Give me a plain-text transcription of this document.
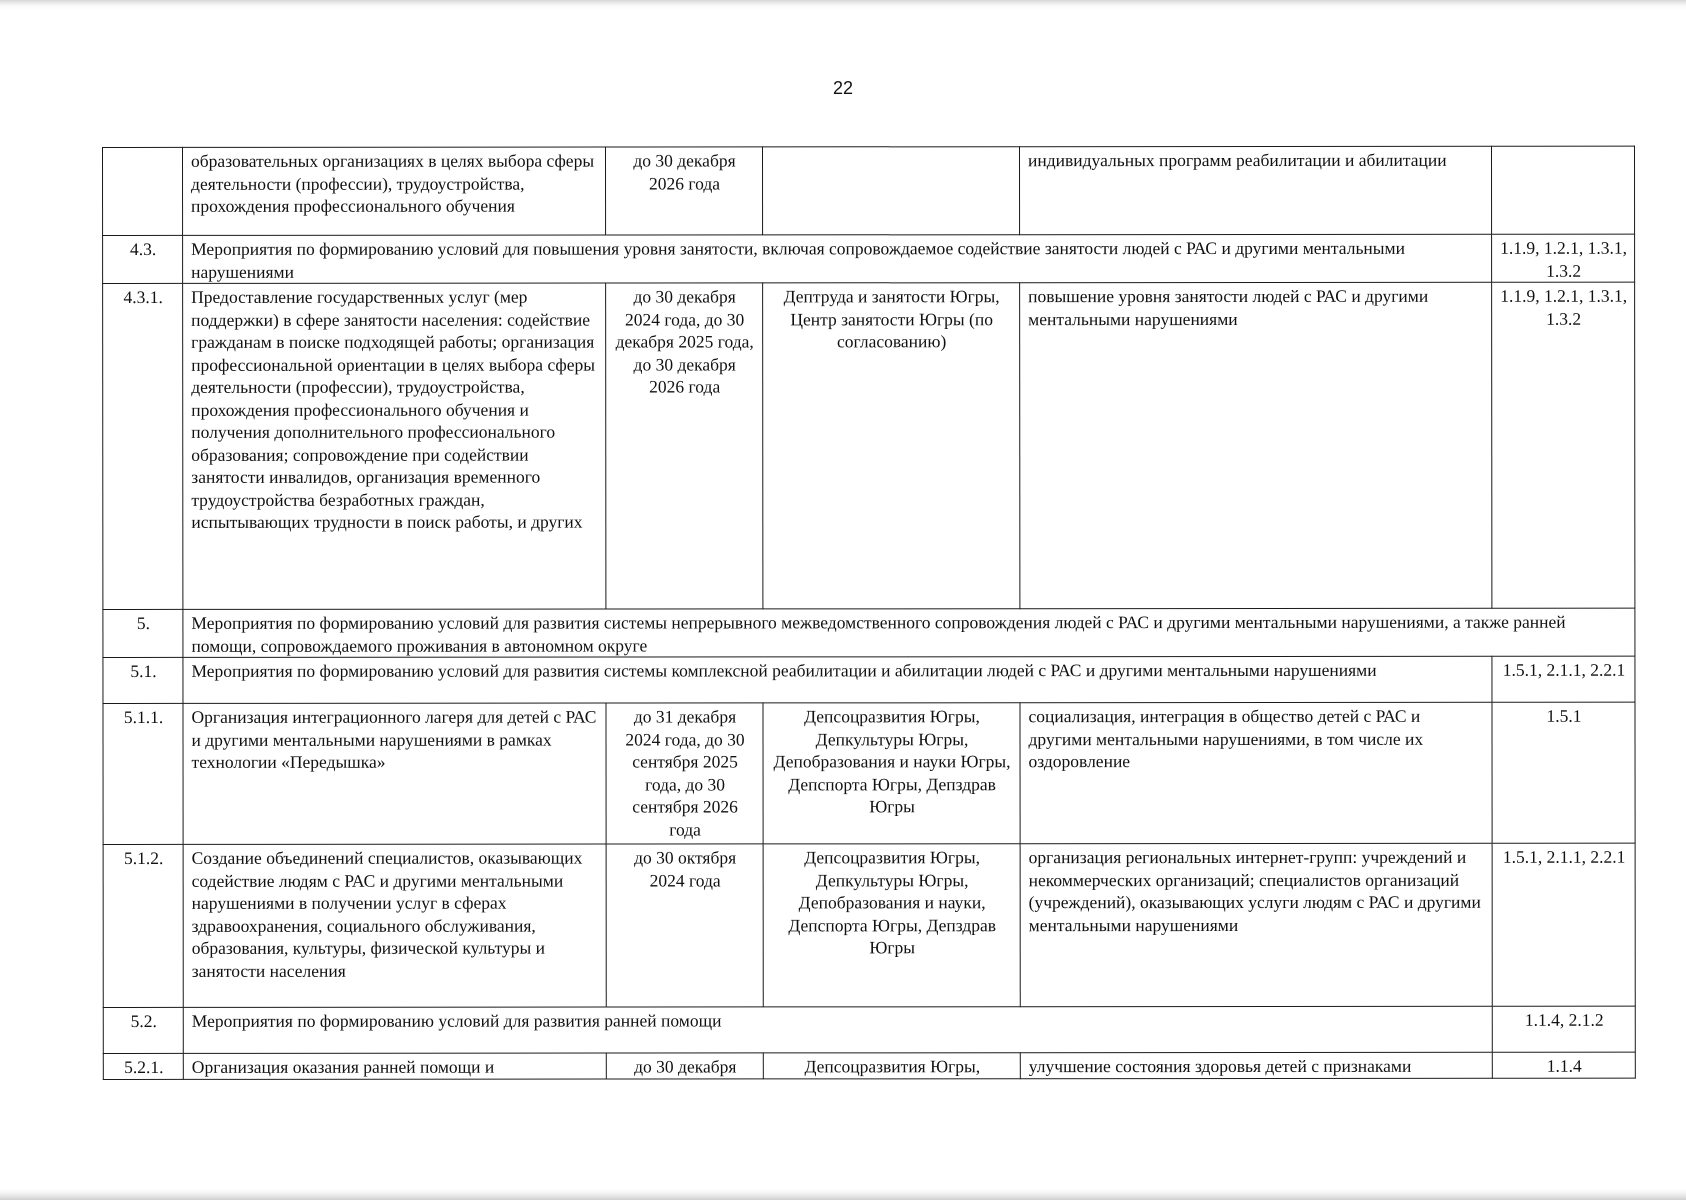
22
	образовательных организациях в целях выбора сферы деятельности (профессии), трудоустройства, прохождения профессионального обучения	до 30 декабря 2026 года		индивидуальных программ реабилитации и абилитации	
4.3.	Мероприятия по формированию условий для повышения уровня занятости, включая сопровождаемое содействие занятости людей с РАС и другими ментальными нарушениями				1.1.9, 1.2.1, 1.3.1, 1.3.2
4.3.1.	Предоставление государственных услуг (мер поддержки) в сфере занятости населения: содействие гражданам в поиске подходящей работы; организация профессиональной ориентации в целях выбора сферы деятельности (профессии), трудоустройства, прохождения профессионального обучения и получения дополнительного профессионального образования; сопровождение при содействии занятости инвалидов, организация временного трудоустройства безработных граждан, испытывающих трудности в поиск работы, и других	до 30 декабря 2024 года, до 30 декабря 2025 года, до 30 декабря 2026 года	Дептруда и занятости Югры, Центр занятости Югры (по согласованию)	повышение уровня занятости людей с РАС и другими ментальными нарушениями	1.1.9, 1.2.1, 1.3.1, 1.3.2
5.	Мероприятия по формированию условий для развития системы непрерывного межведомственного сопровождения людей с РАС и другими ментальными нарушениями, а также ранней помощи, сопровождаемого проживания в автономном округе				
5.1.	Мероприятия по формированию условий для развития системы комплексной реабилитации и абилитации людей с РАС и другими ментальными нарушениями				1.5.1, 2.1.1, 2.2.1
5.1.1.	Организация интеграционного лагеря для детей с РАС и другими ментальными нарушениями в рамках технологии «Передышка»	до 31 декабря 2024 года, до 30 сентября 2025 года, до 30 сентября 2026 года	Депсоцразвития Югры, Депкультуры Югры, Депобразования и науки Югры, Депспорта Югры, Депздрав Югры	социализация, интеграция в общество детей с РАС и другими ментальными нарушениями, в том числе их оздоровление	1.5.1
5.1.2.	Создание объединений специалистов, оказывающих содействие людям с РАС и другими ментальными нарушениями в получении услуг в сферах здравоохранения, социального обслуживания, образования, культуры, физической культуры и занятости населения	до 30 октября 2024 года	Депсоцразвития Югры, Депкультуры Югры, Депобразования и науки, Депспорта Югры, Депздрав Югры	организация региональных интернет-групп: учреждений и некоммерческих организаций; специалистов организаций (учреждений), оказывающих услуги людям с РАС и другими ментальными нарушениями	1.5.1, 2.1.1, 2.2.1
5.2.	Мероприятия по формированию условий для развития ранней помощи				1.1.4, 2.1.2
5.2.1.	Организация оказания ранней помощи и	до 30 декабря	Депсоцразвития Югры,	улучшение состояния здоровья детей с признаками	1.1.4
